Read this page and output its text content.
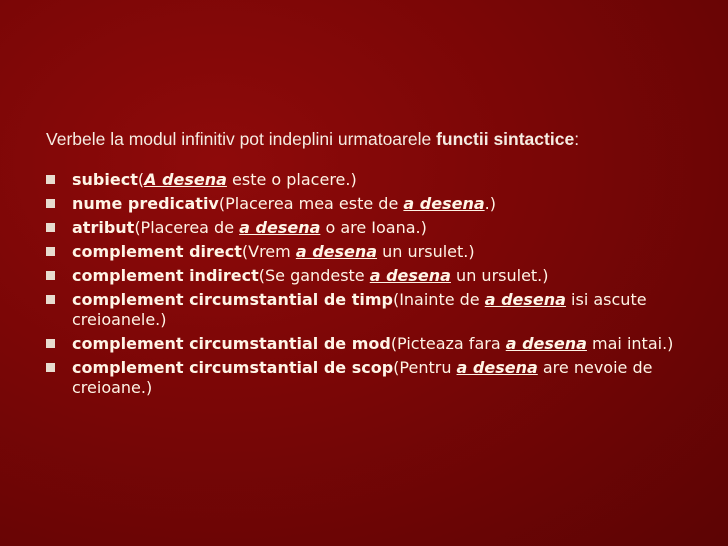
Verbele la modul infinitiv pot indeplini urmatoarele functii sintactice:
subiect(A desena este o placere.)
nume predicativ(Placerea mea este de a desena.)
atribut(Placerea de a desena o are Ioana.)
complement direct(Vrem a desena un ursulet.)
complement indirect(Se gandeste a desena un ursulet.)
complement circumstantial de timp(Inainte de a desena isi ascute creioanele.)
complement circumstantial de mod(Picteaza fara a desena mai intai.)
complement circumstantial de scop(Pentru a desena are nevoie de creioane.)
